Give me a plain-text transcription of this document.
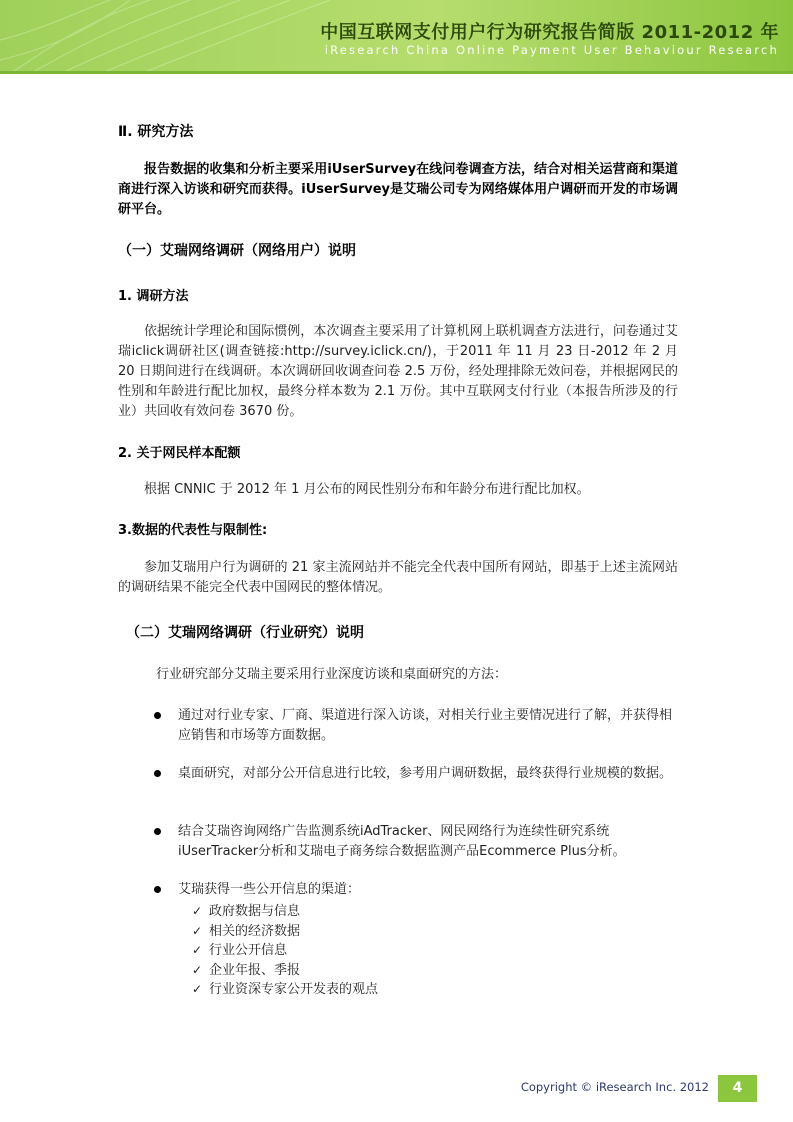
中国互联网支付用户行为研究报告简版 2011-2012 年
iResearch China Online Payment User Behaviour Research
Ⅱ. 研究方法
报告数据的收集和分析主要采用iUserSurvey在线问卷调查方法，结合对相关运营商和渠道商进行深入访谈和研究而获得。iUserSurvey是艾瑞公司专为网络媒体用户调研而开发的市场调研平台。
（一）艾瑞网络调研（网络用户）说明
1. 调研方法
依据统计学理论和国际惯例，本次调查主要采用了计算机网上联机调查方法进行，问卷通过艾瑞iclick调研社区(调查链接:http://survey.iclick.cn/)，于2011 年 11 月 23 日-2012 年 2 月 20 日期间进行在线调研。本次调研回收调查问卷 2.5 万份，经处理排除无效问卷，并根据网民的性别和年龄进行配比加权，最终分样本数为 2.1 万份。其中互联网支付行业（本报告所涉及的行业）共回收有效问卷 3670 份。
2. 关于网民样本配额
根据 CNNIC 于 2012 年 1 月公布的网民性别分布和年龄分布进行配比加权。
3.数据的代表性与限制性:
参加艾瑞用户行为调研的 21 家主流网站并不能完全代表中国所有网站，即基于上述主流网站的调研结果不能完全代表中国网民的整体情况。
（二）艾瑞网络调研（行业研究）说明
行业研究部分艾瑞主要采用行业深度访谈和桌面研究的方法：
通过对行业专家、厂商、渠道进行深入访谈，对相关行业主要情况进行了解，并获得相应销售和市场等方面数据。
桌面研究，对部分公开信息进行比较，参考用户调研数据，最终获得行业规模的数据。
结合艾瑞咨询网络广告监测系统iAdTracker、网民网络行为连续性研究系统iUserTracker分析和艾瑞电子商务综合数据监测产品Ecommerce Plus分析。
艾瑞获得一些公开信息的渠道：
✓ 政府数据与信息
✓ 相关的经济数据
✓ 行业公开信息
✓ 企业年报、季报
✓ 行业资深专家公开发表的观点
Copyright © iResearch Inc. 2012	4
